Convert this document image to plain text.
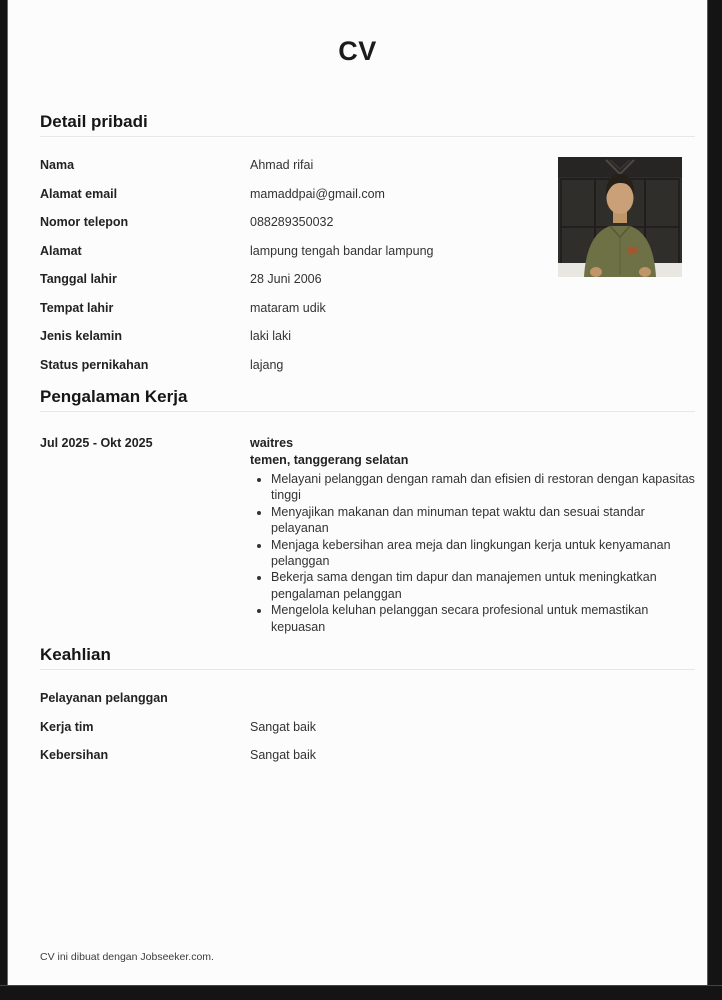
CV
Detail pribadi
Nama	Ahmad rifai
Alamat email	mamaddpai@gmail.com
Nomor telepon	088289350032
Alamat	lampung tengah bandar lampung
Tanggal lahir	28 Juni 2006
Tempat lahir	mataram udik
Jenis kelamin	laki laki
Status pernikahan	lajang
Pengalaman Kerja
Jul 2025 - Okt 2025	waitres
temen, tanggerang selatan
• Melayani pelanggan dengan ramah dan efisien di restoran dengan kapasitas tinggi
• Menyajikan makanan dan minuman tepat waktu dan sesuai standar pelayanan
• Menjaga kebersihan area meja dan lingkungan kerja untuk kenyamanan pelanggan
• Bekerja sama dengan tim dapur dan manajemen untuk meningkatkan pengalaman pelanggan
• Mengelola keluhan pelanggan secara profesional untuk memastikan kepuasan
Keahlian
Pelayanan pelanggan
Kerja tim	Sangat baik
Kebersihan	Sangat baik
CV ini dibuat dengan Jobseeker.com.
